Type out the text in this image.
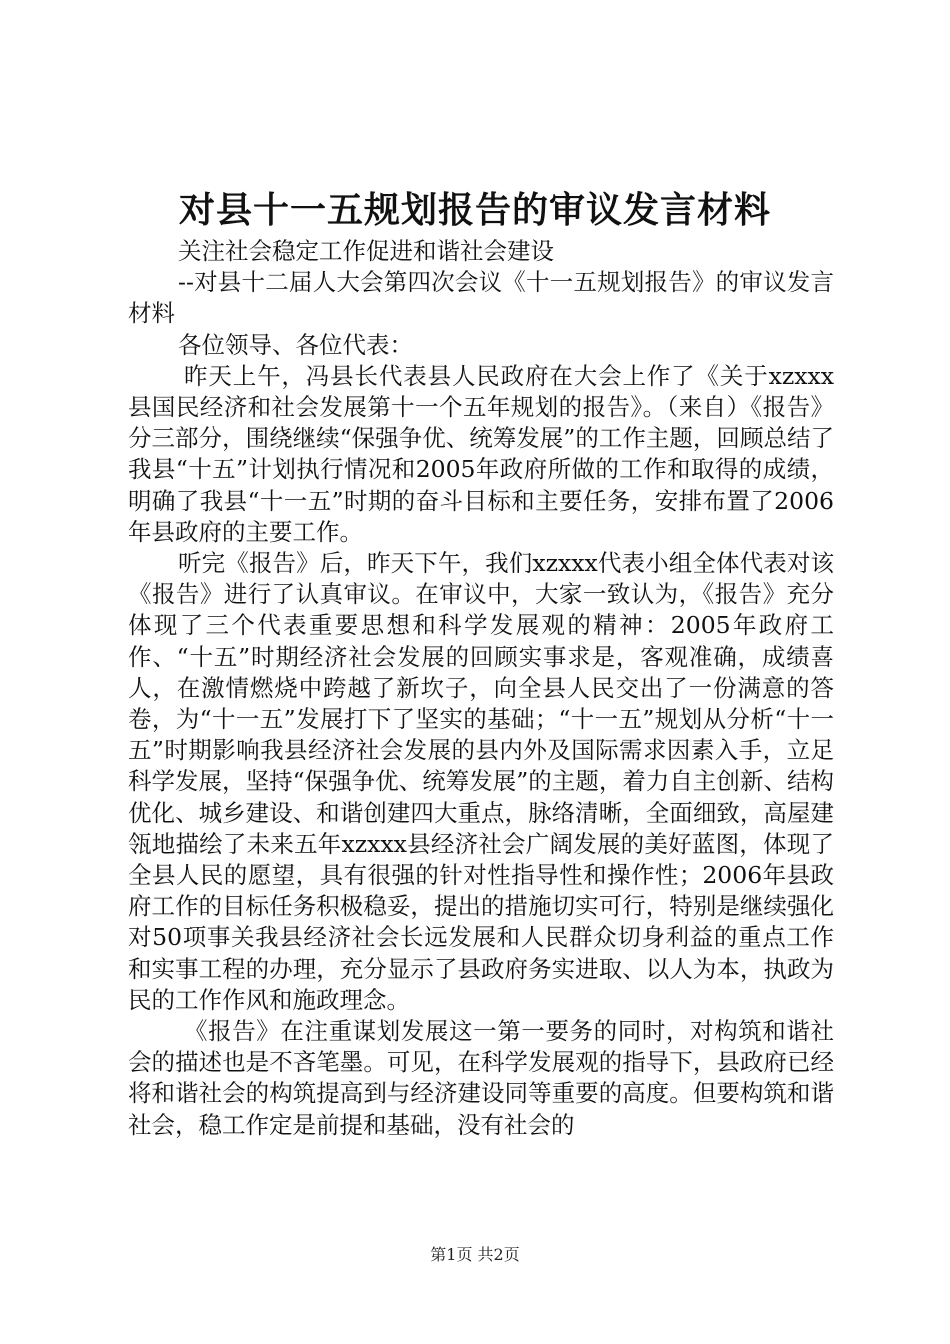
对县十一五规划报告的审议发言材料

关注社会稳定工作促进和谐社会建设

--对县十二届人大会第四次会议《十一五规划报告》的审议发言材料

各位领导、各位代表：

昨天上午，冯县长代表县人民政府在大会上作了《关于xzxxx县国民经济和社会发展第十一个五年规划的报告》。（来自）《报告》分三部分，围绕继续“保强争优、统筹发展”的工作主题，回顾总结了我县“十五”计划执行情况和2005年政府所做的工作和取得的成绩，明确了我县“十一五”时期的奋斗目标和主要任务，安排布置了2006年县政府的主要工作。

听完《报告》后，昨天下午，我们xzxxx代表小组全体代表对该《报告》进行了认真审议。在审议中，大家一致认为，《报告》充分体现了三个代表重要思想和科学发展观的精神：2005年政府工作、“十五”时期经济社会发展的回顾实事求是，客观准确，成绩喜人，在激情燃烧中跨越了新坎子，向全县人民交出了一份满意的答卷，为“十一五”发展打下了坚实的基础；“十一五”规划从分析“十一五”时期影响我县经济社会发展的县内外及国际需求因素入手，立足科学发展，坚持“保强争优、统筹发展”的主题，着力自主创新、结构优化、城乡建设、和谐创建四大重点，脉络清晰，全面细致，高屋建瓴地描绘了未来五年xzxxx县经济社会广阔发展的美好蓝图，体现了全县人民的愿望，具有很强的针对性指导性和操作性；2006年县政府工作的目标任务积极稳妥，提出的措施切实可行，特别是继续强化对50项事关我县经济社会长远发展和人民群众切身利益的重点工作和实事工程的办理，充分显示了县政府务实进取、以人为本，执政为民的工作作风和施政理念。

《报告》在注重谋划发展这一第一要务的同时，对构筑和谐社会的描述也是不吝笔墨。可见，在科学发展观的指导下，县政府已经将和谐社会的构筑提高到与经济建设同等重要的高度。但要构筑和谐社会，稳工作定是前提和基础，没有社会的

第1页 共2页
